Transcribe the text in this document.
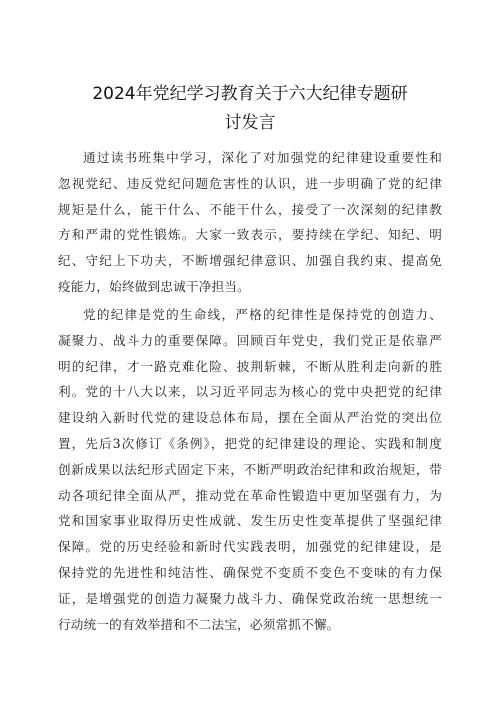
2024年党纪学习教育关于六大纪律专题研
讨发言
通过读书班集中学习，深化了对加强党的纪律建设重要性和
忽视党纪、违反党纪问题危害性的认识，进一步明确了党的纪律
规矩是什么，能干什么、不能干什么，接受了一次深刻的纪律教
方和严肃的党性锻炼。大家一致表示，要持续在学纪、知纪、明
纪、守纪上下功夫，不断增强纪律意识、加强自我约束、提高免
疫能力，始终做到忠诚干净担当。
党的纪律是党的生命线，严格的纪律性是保持党的创造力、
凝聚力、战斗力的重要保障。回顾百年党史，我们党正是依靠严
明的纪律，才一路克难化险、披荆斩棘，不断从胜利走向新的胜
利。党的十八大以来，以习近平同志为核心的党中央把党的纪律
建设纳入新时代党的建设总体布局，摆在全面从严治党的突出位
置，先后3次修订《条例》，把党的纪律建设的理论、实践和制度
创新成果以法纪形式固定下来，不断严明政治纪律和政治规矩，带
动各项纪律全面从严，推动党在革命性锻造中更加坚强有力，为
党和国家事业取得历史性成就、发生历史性变革提供了坚强纪律
保障。党的历史经验和新时代实践表明，加强党的纪律建设，是
保持党的先进性和纯洁性、确保党不变质不变色不变味的有力保
证，是增强党的创造力凝聚力战斗力、确保党政治统一思想统一
行动统一的有效举措和不二法宝，必须常抓不懈。
